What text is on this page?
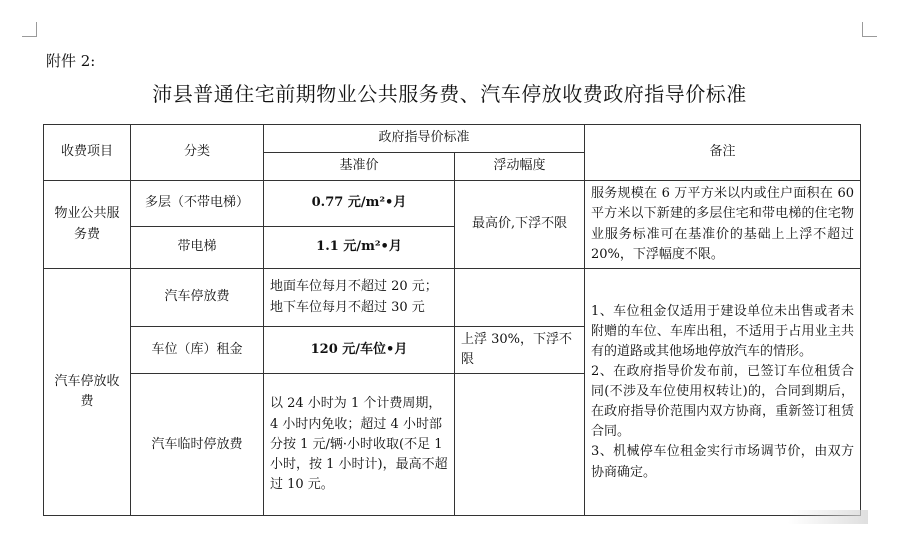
附件 2:
沛县普通住宅前期物业公共服务费、汽车停放收费政府指导价标准
收费项目	分类	政府指导价标准		备注
		基准价	浮动幅度	
物业公共服务费	多层（不带电梯）	0.77 元/m²•月	最高价,下浮不限	服务规模在 6 万平方米以内或住户面积在 60 平方米以下新建的多层住宅和带电梯的住宅物业服务标准可在基准价的基础上上浮不超过 20%，下浮幅度不限。
	带电梯	1.1 元/m²•月		
汽车停放收费	汽车停放费	地面车位每月不超过 20 元；地下车位每月不超过 30 元		1、车位租金仅适用于建设单位未出售或者未附赠的车位、车库出租，不适用于占用业主共有的道路或其他场地停放汽车的情形。
2、在政府指导价发布前，已签订车位租赁合同(不涉及车位使用权转让)的，合同到期后，在政府指导价范围内双方协商，重新签订租赁合同。
3、机械停车位租金实行市场调节价，由双方协商确定。

	车位（库）租金	120 元/车位•月	上浮 30%，下浮不限	
	汽车临时停放费	以 24 小时为 1 个计费周期，4 小时内免收；超过 4 小时部分按 1 元/辆·小时收取(不足 1 小时，按 1 小时计)，最高不超过 10 元。		
